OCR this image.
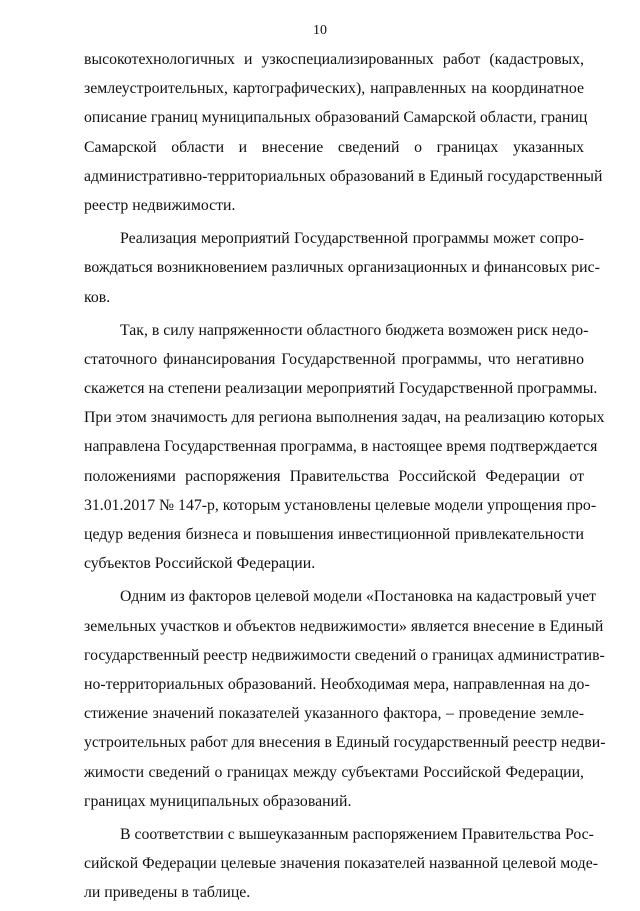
10
высокотехнологичных и узкоспециализированных работ (кадастровых,
землеустроительных, картографических), направленных на координатное
описание границ муниципальных образований Самарской области, границ
Самарской области и внесение сведений о границах указанных
административно-территориальных образований в Единый государственный
реестр недвижимости.
Реализация мероприятий Государственной программы может сопро-
вождаться возникновением различных организационных и финансовых рис-
ков.
Так, в силу напряженности областного бюджета возможен риск недо-
статочного финансирования Государственной программы, что негативно
скажется на степени реализации мероприятий Государственной программы.
При этом значимость для региона выполнения задач, на реализацию которых
направлена Государственная программа, в настоящее время подтверждается
положениями распоряжения Правительства Российской Федерации от
31.01.2017 № 147-р, которым установлены целевые модели упрощения про-
цедур ведения бизнеса и повышения инвестиционной привлекательности
субъектов Российской Федерации.
Одним из факторов целевой модели «Постановка на кадастровый учет
земельных участков и объектов недвижимости» является внесение в Единый
государственный реестр недвижимости сведений о границах административ-
но-территориальных образований. Необходимая мера, направленная на до-
стижение значений показателей указанного фактора, – проведение земле-
устроительных работ для внесения в Единый государственный реестр недви-
жимости сведений о границах между субъектами Российской Федерации,
границах муниципальных образований.
В соответствии с вышеуказанным распоряжением Правительства Рос-
сийской Федерации целевые значения показателей названной целевой моде-
ли приведены в таблице.
